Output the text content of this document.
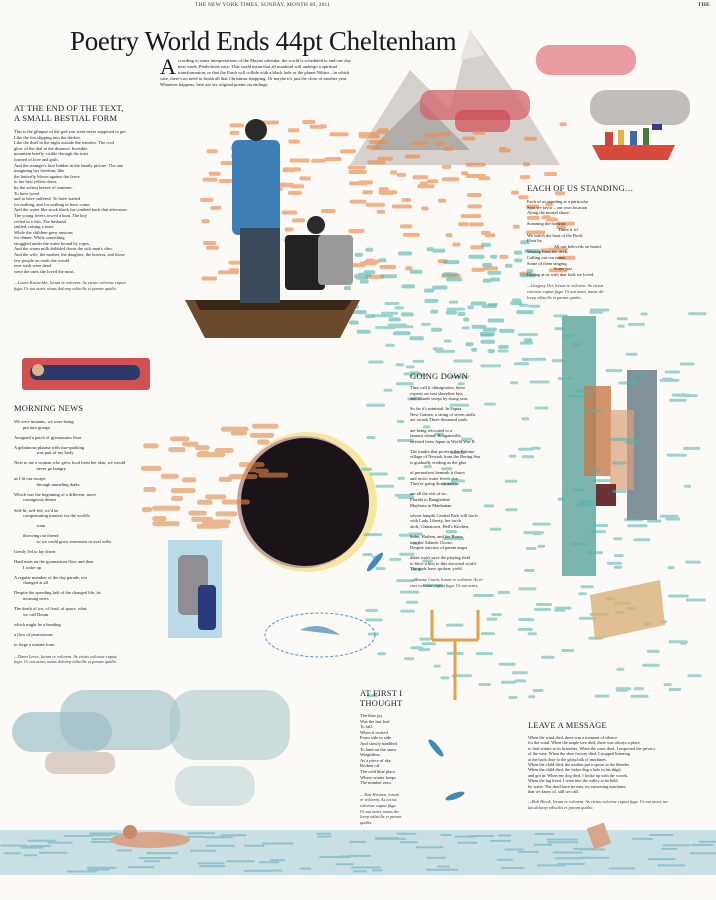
THE NEW YORK TIMES, SUNDAY, MONTH 00, 2011	THE
Poetry World Ends 44pt Cheltenham
A ccording to some interpretations of the Mayan calendar, the world is scheduled to end one day next week. Predictions vary: That could mean that all mankind will undergo a spiritual transformation, or that the Earth will collide with a black hole or the planet Nibiru – in which case, there's no need to finish all that Christmas shopping. Or maybe it's just the close of another year. Whatever happens, here are six original poems on endings.
AT THE END OF THE TEXT,
A SMALL BESTIAL FORM
This is the glimpse of the god you were never supposed to get.
Like the fox slipping into the thicket.
Like the thief in the night outside the window. The cool
glow of the dial in the distance. Invisible
mountain briefly visible through the mist
formed of love and guilt.
And the stranger's face hidden in the family picture. The one
imagining her freedom, like
the butterfly blown against the fence
to her best yellow dress
by the softest breeze of summer:
To have loved
and to have suffered. To have waited
for nothing, and for nothing to have come,
And the water like stock black fur combed back that afternoon:
The young lovers rowed a boat. The boy
reeled in a fish. The husband
smiled, raising a toast.
While the children grew anxious
for dinner. While something
struggled under the water bound by ropes.
And the warm milk dribbled down the sick man's chin.
And the wife, the mother, the daughter, the hostess, and those
few people on earth she would
ever wish were dead
were the ones she loved the most.
—Laura Kasischke, lorum re volorem. As eicius voloriae cuptat
fuga. Ut aut autet, natas dolorep ediscilis et parum quidio.
EACH OF US STANDING…
Each of us standing at a particular
Spot we favor – our own location
Along the mortal shore.

Scanning the horizon.
There it is!
We watch the boat of the Book
Float by.
All our beloveds on board.
Waving from the deck,
Calling out our name.
Some of them singing.
Some just
Gazing at us with that look we loved.
—Gregory Orr, lorum re volorem. As eicius
voloriae cuptat fuga. Ut aut autet, natas do-
lorep ediscilis et parum quidio.
MORNING NEWS
We were mutants, we were being
put into groups
Assigned a patch of gymnasium floor
A gelatinous plasma with star-sparking
was part of my body
Next to me a woman who grew food from her skin, we would
never go hungry
as I lit our escape
through tunneling darks
Which was the beginning of a different, more
courageous dream
Self-lit, self-fed, we'd be
compensating masters for the world's
want
throwing out thread
so we could grow enormous in oval webs
Gently led to lay down
Hard mats on the gymnasium floor and then
I woke up
A regular member of the day parade, not
changed at all
Despite the speeding helt of the changed life, its
morning news
The death of ice, of food, of space, what
we call Doom
which might be a bending
a flow of permissions
to forge a mutant form
—Dana Levin, lorum re volorem. As eicius voloriae cuptat
fuga. Ut aut autet, natas dolorep ediscilis et parum quidio.
GOING DOWN
They call it climigration, these
experts on vast shoreline loss
and islands swept by rising seas.
So far it's minimal. In Papua
New Guinea, a string of seven atolls
are awash.Three thousand souls
are being relocated to a
famous island, Bougainville,
wrested from Japan in World War II.
The tundra that protects the Eskimo
village of Newtok from the Bering Sea
is gradually eroding as the glue
of permafrost beneath it thaws
and arctic water levels rise.
They're going down and so
are all the rest of us–
Florida to Bangladesh
Maylasia to Manhattan
whose lamplit Central Park will lurch
with Lady Liberty, her torch
aloft, Chinatown, Hell's Kitchen,
Soho, Harlem, and the Bronx
into the Atlantic Ocean.
Despite outcries of parent angst
dikes won't save the playing field
to blow a kiss to this drowned world.
The gods have spoken: yield.
—Maxine Cunin, lorum re volorem. As ei-
cius voloriae cuptat fuga. Ut aut autet,
AT FIRST I
THOUGHT
The blue jay
Was the last leaf
To fall
When it rocked
From side to side
And slowly tumbled
To land on the snow
Weightless
As a piece of sky
Broken off
The cold blue place
Where winter keeps
The number zero.
—Tom Hennen, lorum
re volorem. As eicius
voloriae cuptat fuga.
Ut aut autet, natas do-
lorep ediscilis et parum
quidio.
LEAVE A MESSAGE
When the wind died, there was a moment of silence
for the wind. When the maple tree died, there was always a place
to find winter in its branches. When the roses died, I respected the privacy
of the vase. When the shoe factory died, I stopped listening
at the back door to the gloss/talk of machines.
When the child died, the mother put a spoon in the blender.
When the child died, the father dug a hole in his thigh
and got in. When my dog died, I broke up with the woods.
When the log lived, I went into the valley to be held
by water. The dead have no ears, no answering machines
that we know of, still we call.
—Bob Hicok, lorum re volorem. As eicius voloriae cuptat fuga. Ut aut autet, na-
tas dolorep ediscilis et parum quidio.
